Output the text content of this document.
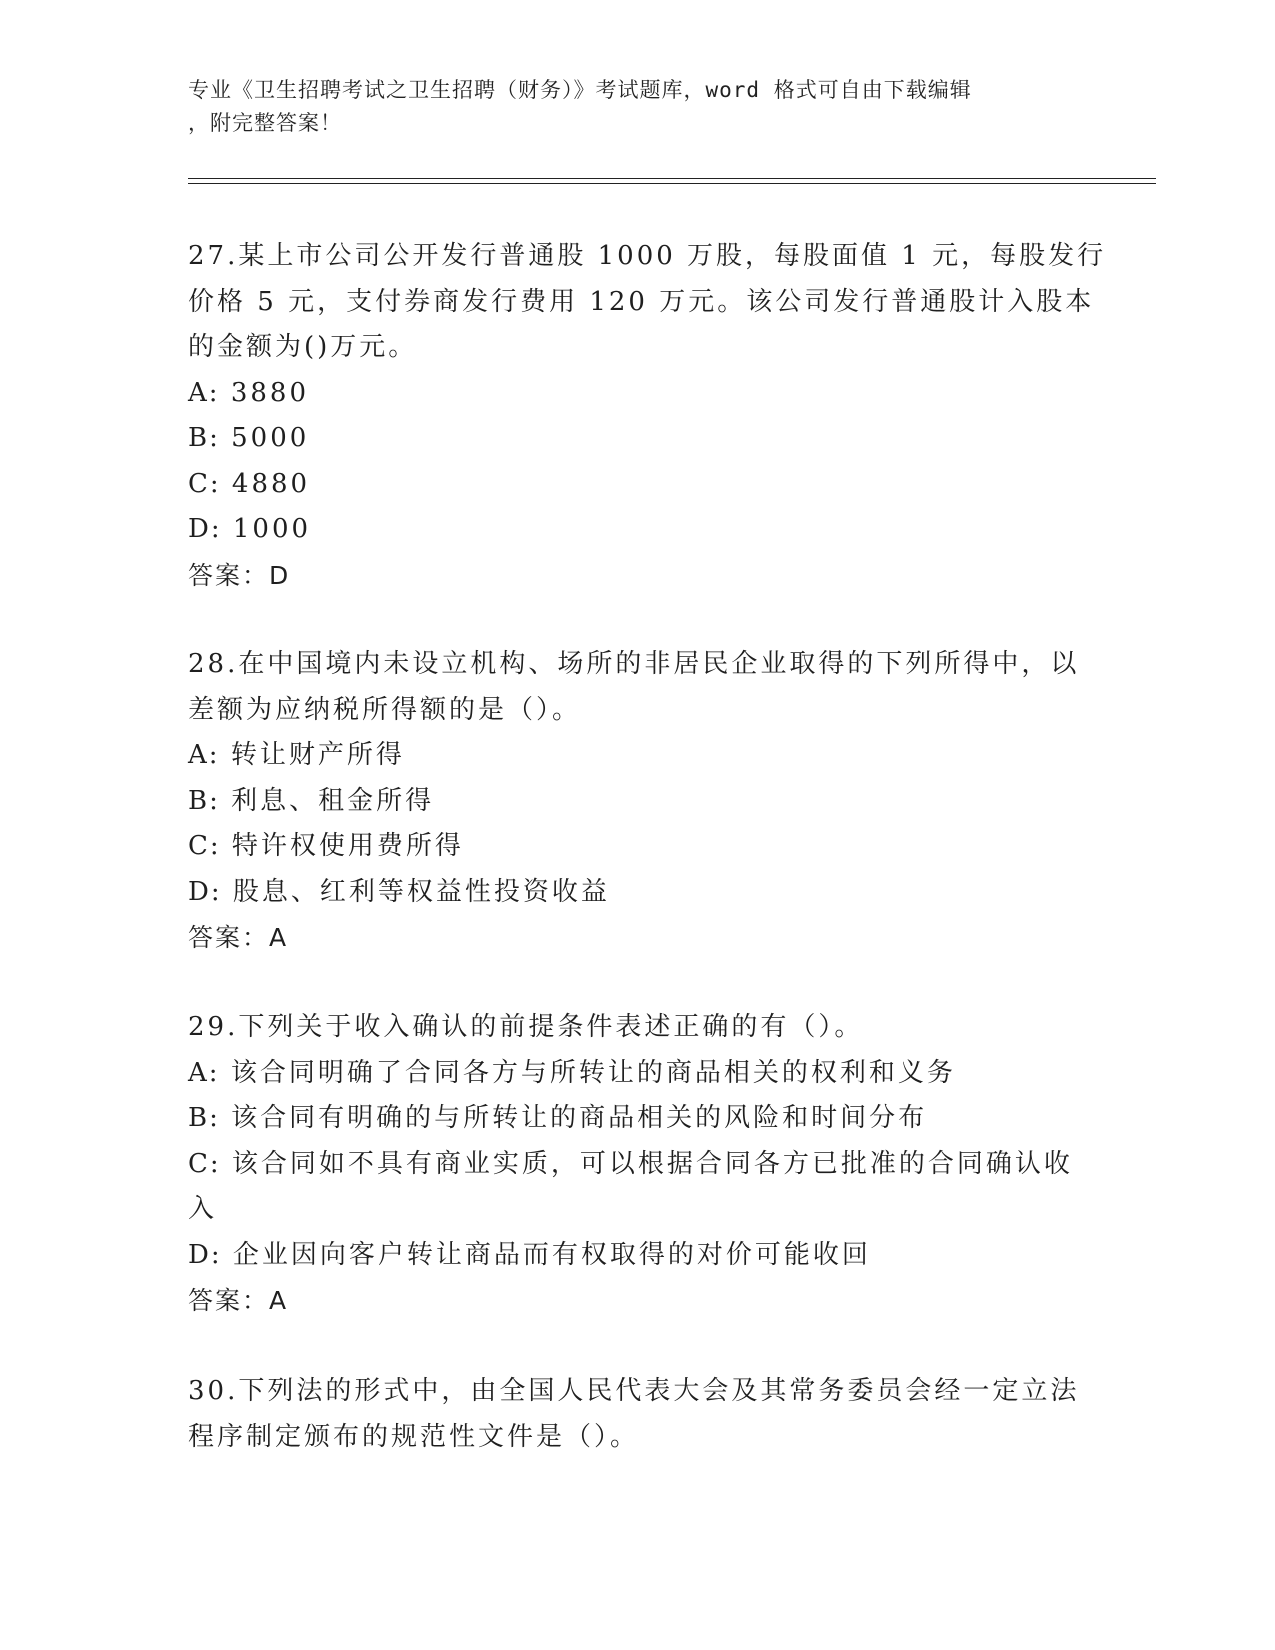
专业《卫生招聘考试之卫生招聘（财务）》考试题库，word 格式可自由下载编辑
，附完整答案！
27.某上市公司公开发行普通股 1000 万股，每股面值 1 元，每股发行
价格 5 元，支付券商发行费用 120 万元。该公司发行普通股计入股本
的金额为()万元。
A: 3880
B: 5000
C: 4880
D: 1000
答案：D
28.在中国境内未设立机构、场所的非居民企业取得的下列所得中，以
差额为应纳税所得额的是（）。
A: 转让财产所得
B: 利息、租金所得
C: 特许权使用费所得
D: 股息、红利等权益性投资收益
答案：A
29.下列关于收入确认的前提条件表述正确的有（）。
A: 该合同明确了合同各方与所转让的商品相关的权利和义务
B: 该合同有明确的与所转让的商品相关的风险和时间分布
C: 该合同如不具有商业实质，可以根据合同各方已批准的合同确认收
入
D: 企业因向客户转让商品而有权取得的对价可能收回
答案：A
30.下列法的形式中，由全国人民代表大会及其常务委员会经一定立法
程序制定颁布的规范性文件是（）。
